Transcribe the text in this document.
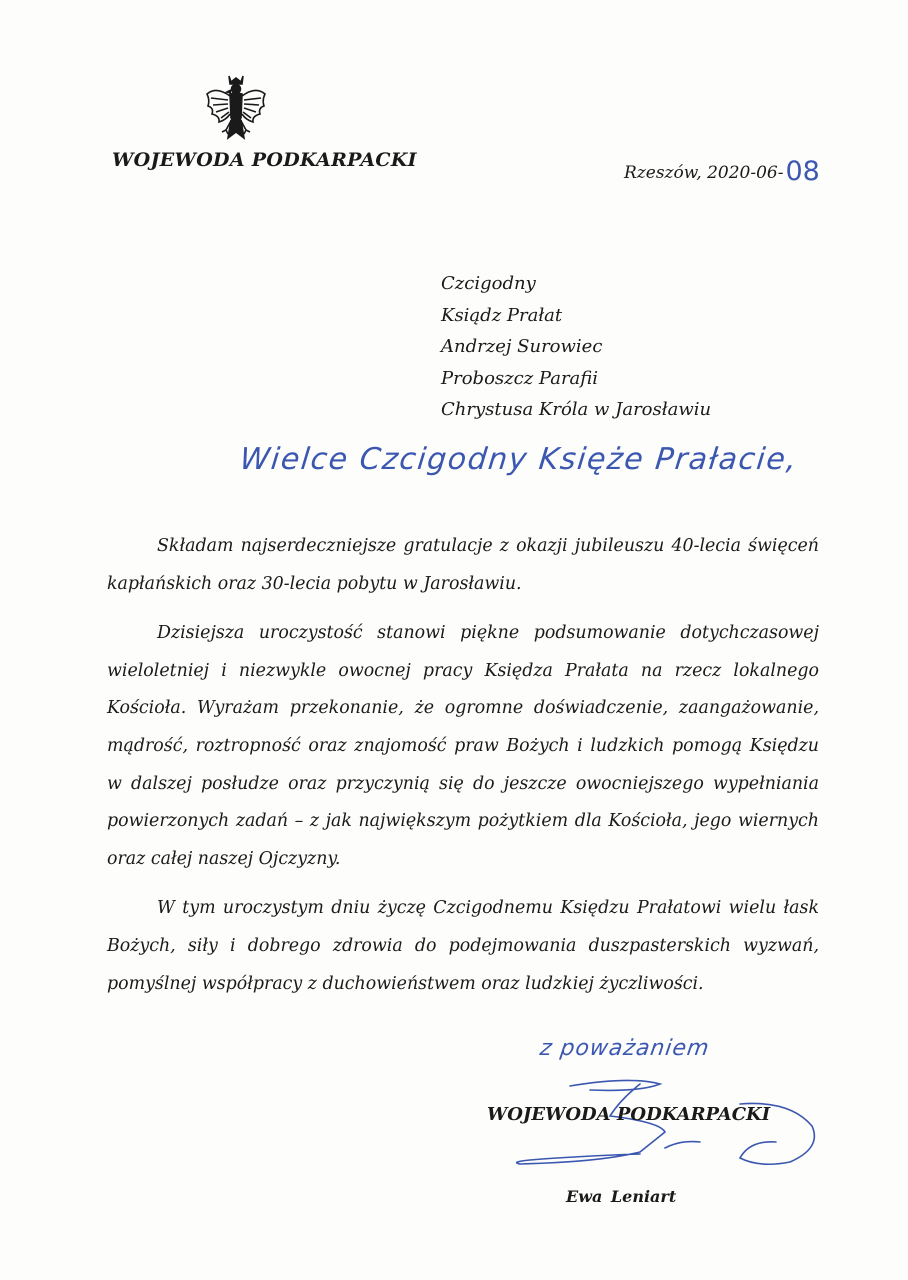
WOJEWODA PODKARPACKI
Rzeszów, 2020-06-08
Czcigodny
Ksiądz Prałat
Andrzej Surowiec
Proboszcz Parafii
Chrystusa Króla w Jarosławiu
Wielce Czcigodny Księże Prałacie,

Składam najserdeczniejsze gratulacje z okazji jubileuszu 40-lecia święceń kapłańskich oraz 30-lecia pobytu w Jarosławiu.

Dzisiejsza uroczystość stanowi piękne podsumowanie dotychczasowej wieloletniej i niezwykle owocnej pracy Księdza Prałata na rzecz lokalnego Kościoła. Wyrażam przekonanie, że ogromne doświadczenie, zaangażowanie, mądrość, roztropność oraz znajomość praw Bożych i ludzkich pomogą Księdzu w dalszej posłudze oraz przyczynią się do jeszcze owocniejszego wypełniania powierzonych zadań – z jak największym pożytkiem dla Kościoła, jego wiernych oraz całej naszej Ojczyzny.

W tym uroczystym dniu życzę Czcigodnemu Księdzu Prałatowi wielu łask Bożych, siły i dobrego zdrowia do podejmowania duszpasterskich wyzwań, pomyślnej współpracy z duchowieństwem oraz ludzkiej życzliwości.

z poważaniem
WOJEWODA PODKARPACKI
Ewa Leniart
